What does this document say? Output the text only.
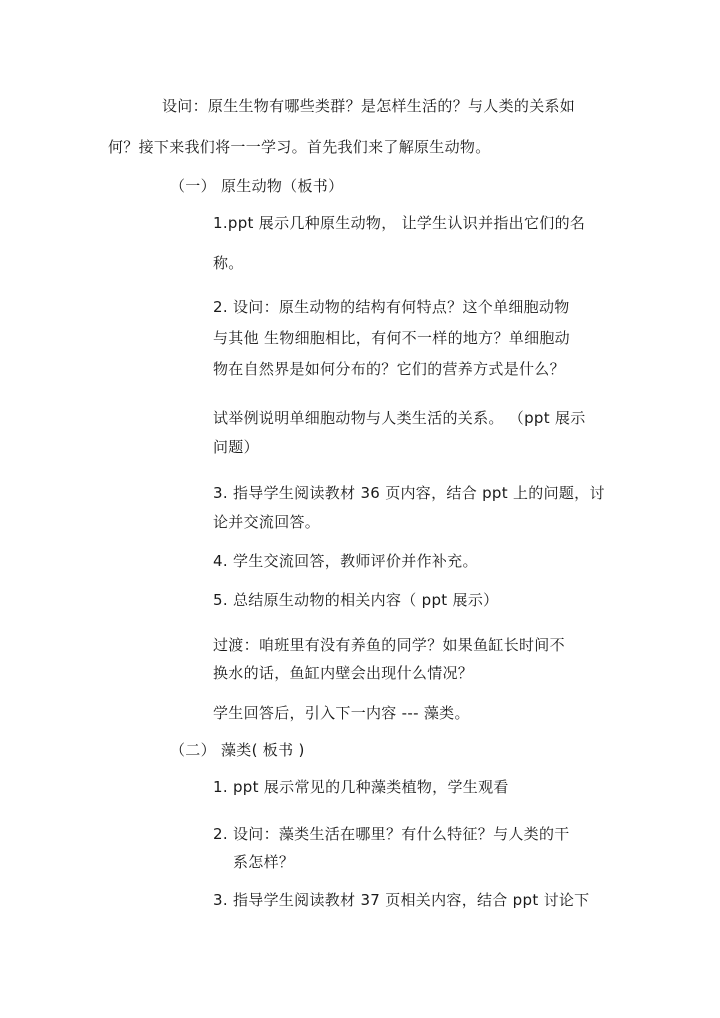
设问：原生生物有哪些类群？是怎样生活的？与人类的关系如
何？接下来我们将一一学习。首先我们来了解原生动物。
（一） 原生动物（板书）
1.ppt 展示几种原生动物， 让学生认识并指出它们的名
称。
2. 设问：原生动物的结构有何特点？这个单细胞动物
与其他 生物细胞相比，有何不一样的地方？单细胞动
物在自然界是如何分布的？它们的营养方式是什么？
试举例说明单细胞动物与人类生活的关系。 （ppt 展示
问题）
3. 指导学生阅读教材 36 页内容，结合 ppt 上的问题，讨
论并交流回答。
4. 学生交流回答，教师评价并作补充。
5. 总结原生动物的相关内容（ ppt 展示）
过渡：咱班里有没有养鱼的同学？如果鱼缸长时间不
换水的话，鱼缸内壁会出现什么情况？
学生回答后，引入下一内容 --- 藻类。
（二） 藻类( 板书 )
1. ppt 展示常见的几种藻类植物，学生观看
2. 设问：藻类生活在哪里？有什么特征？与人类的干
系怎样？
3. 指导学生阅读教材 37 页相关内容，结合 ppt 讨论下
